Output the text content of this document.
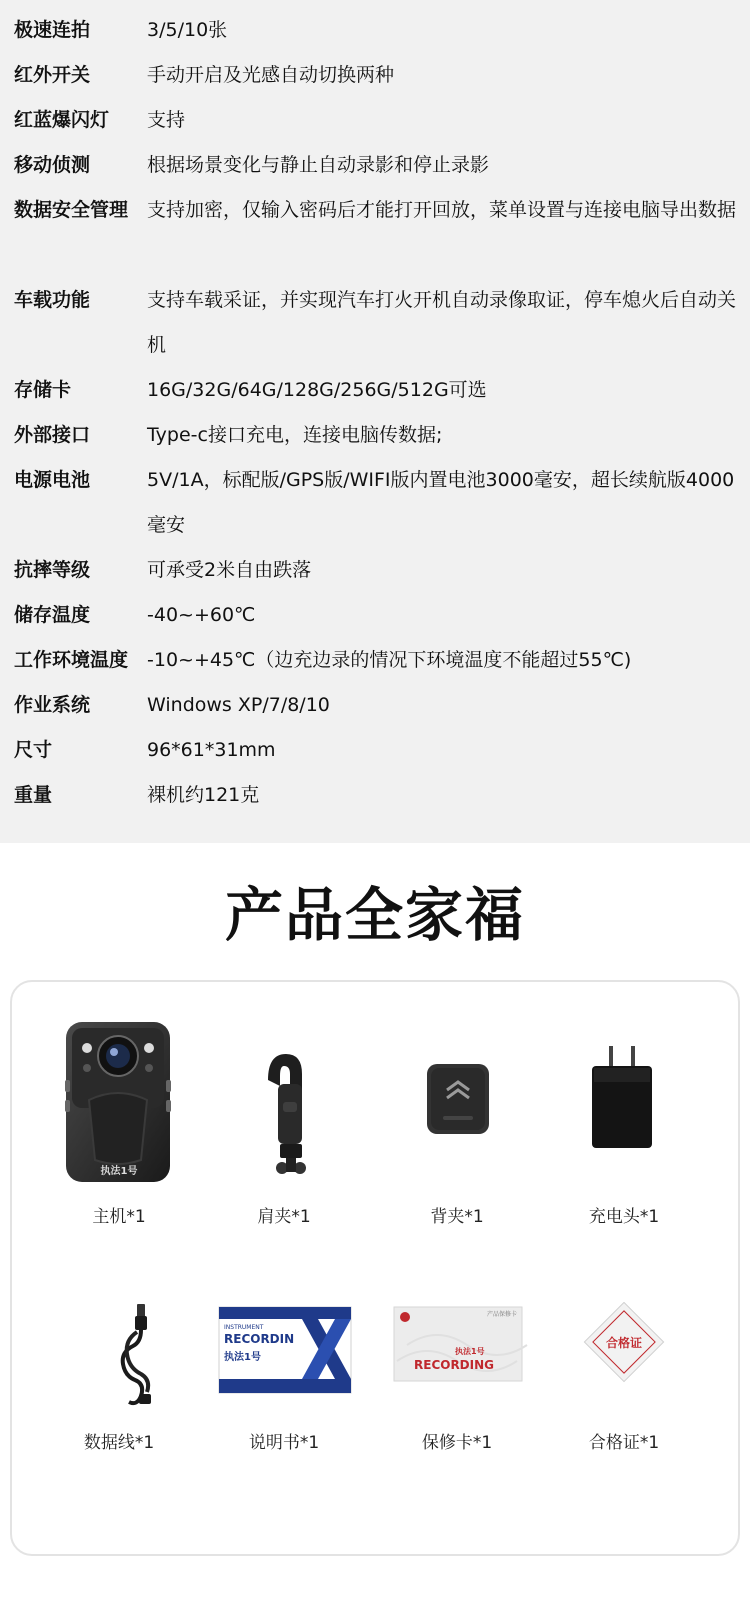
极速连拍	3/5/10张
红外开关	手动开启及光感自动切换两种
红蓝爆闪灯 支持
移动侦测	根据场景变化与静止自动录影和停止录影
数据安全管理 支持加密，仅输入密码后才能打开回放，菜单设置与连接电脑导出数据
车载功能	支持车载采证，并实现汽车打火开机自动录像取证，停车熄火后自动关机
存储卡	16G/32G/64G/128G/256G/512G可选
外部接口	Type-c接口充电，连接电脑传数据;
电源电池	5V/1A，标配版/GPS版/WIFI版内置电池3000毫安，超长续航版4000毫安
抗摔等级	可承受2米自由跌落
储存温度	-40~+60℃
工作环境温度 -10~+45℃（边充边录的情况下环境温度不能超过55℃)
作业系统	Windows XP/7/8/10
尺寸	96*61*31mm
重量	裸机约121克
产品全家福
执法1号
主机*1	肩夹*1	背夹*1	充电头*1
数据线*1
INSTRUMENT
RECORDIN
执法1号
说明书*1
产品保修卡
执法1号
RECORDING
保修卡*1
合格证
合格证*1
